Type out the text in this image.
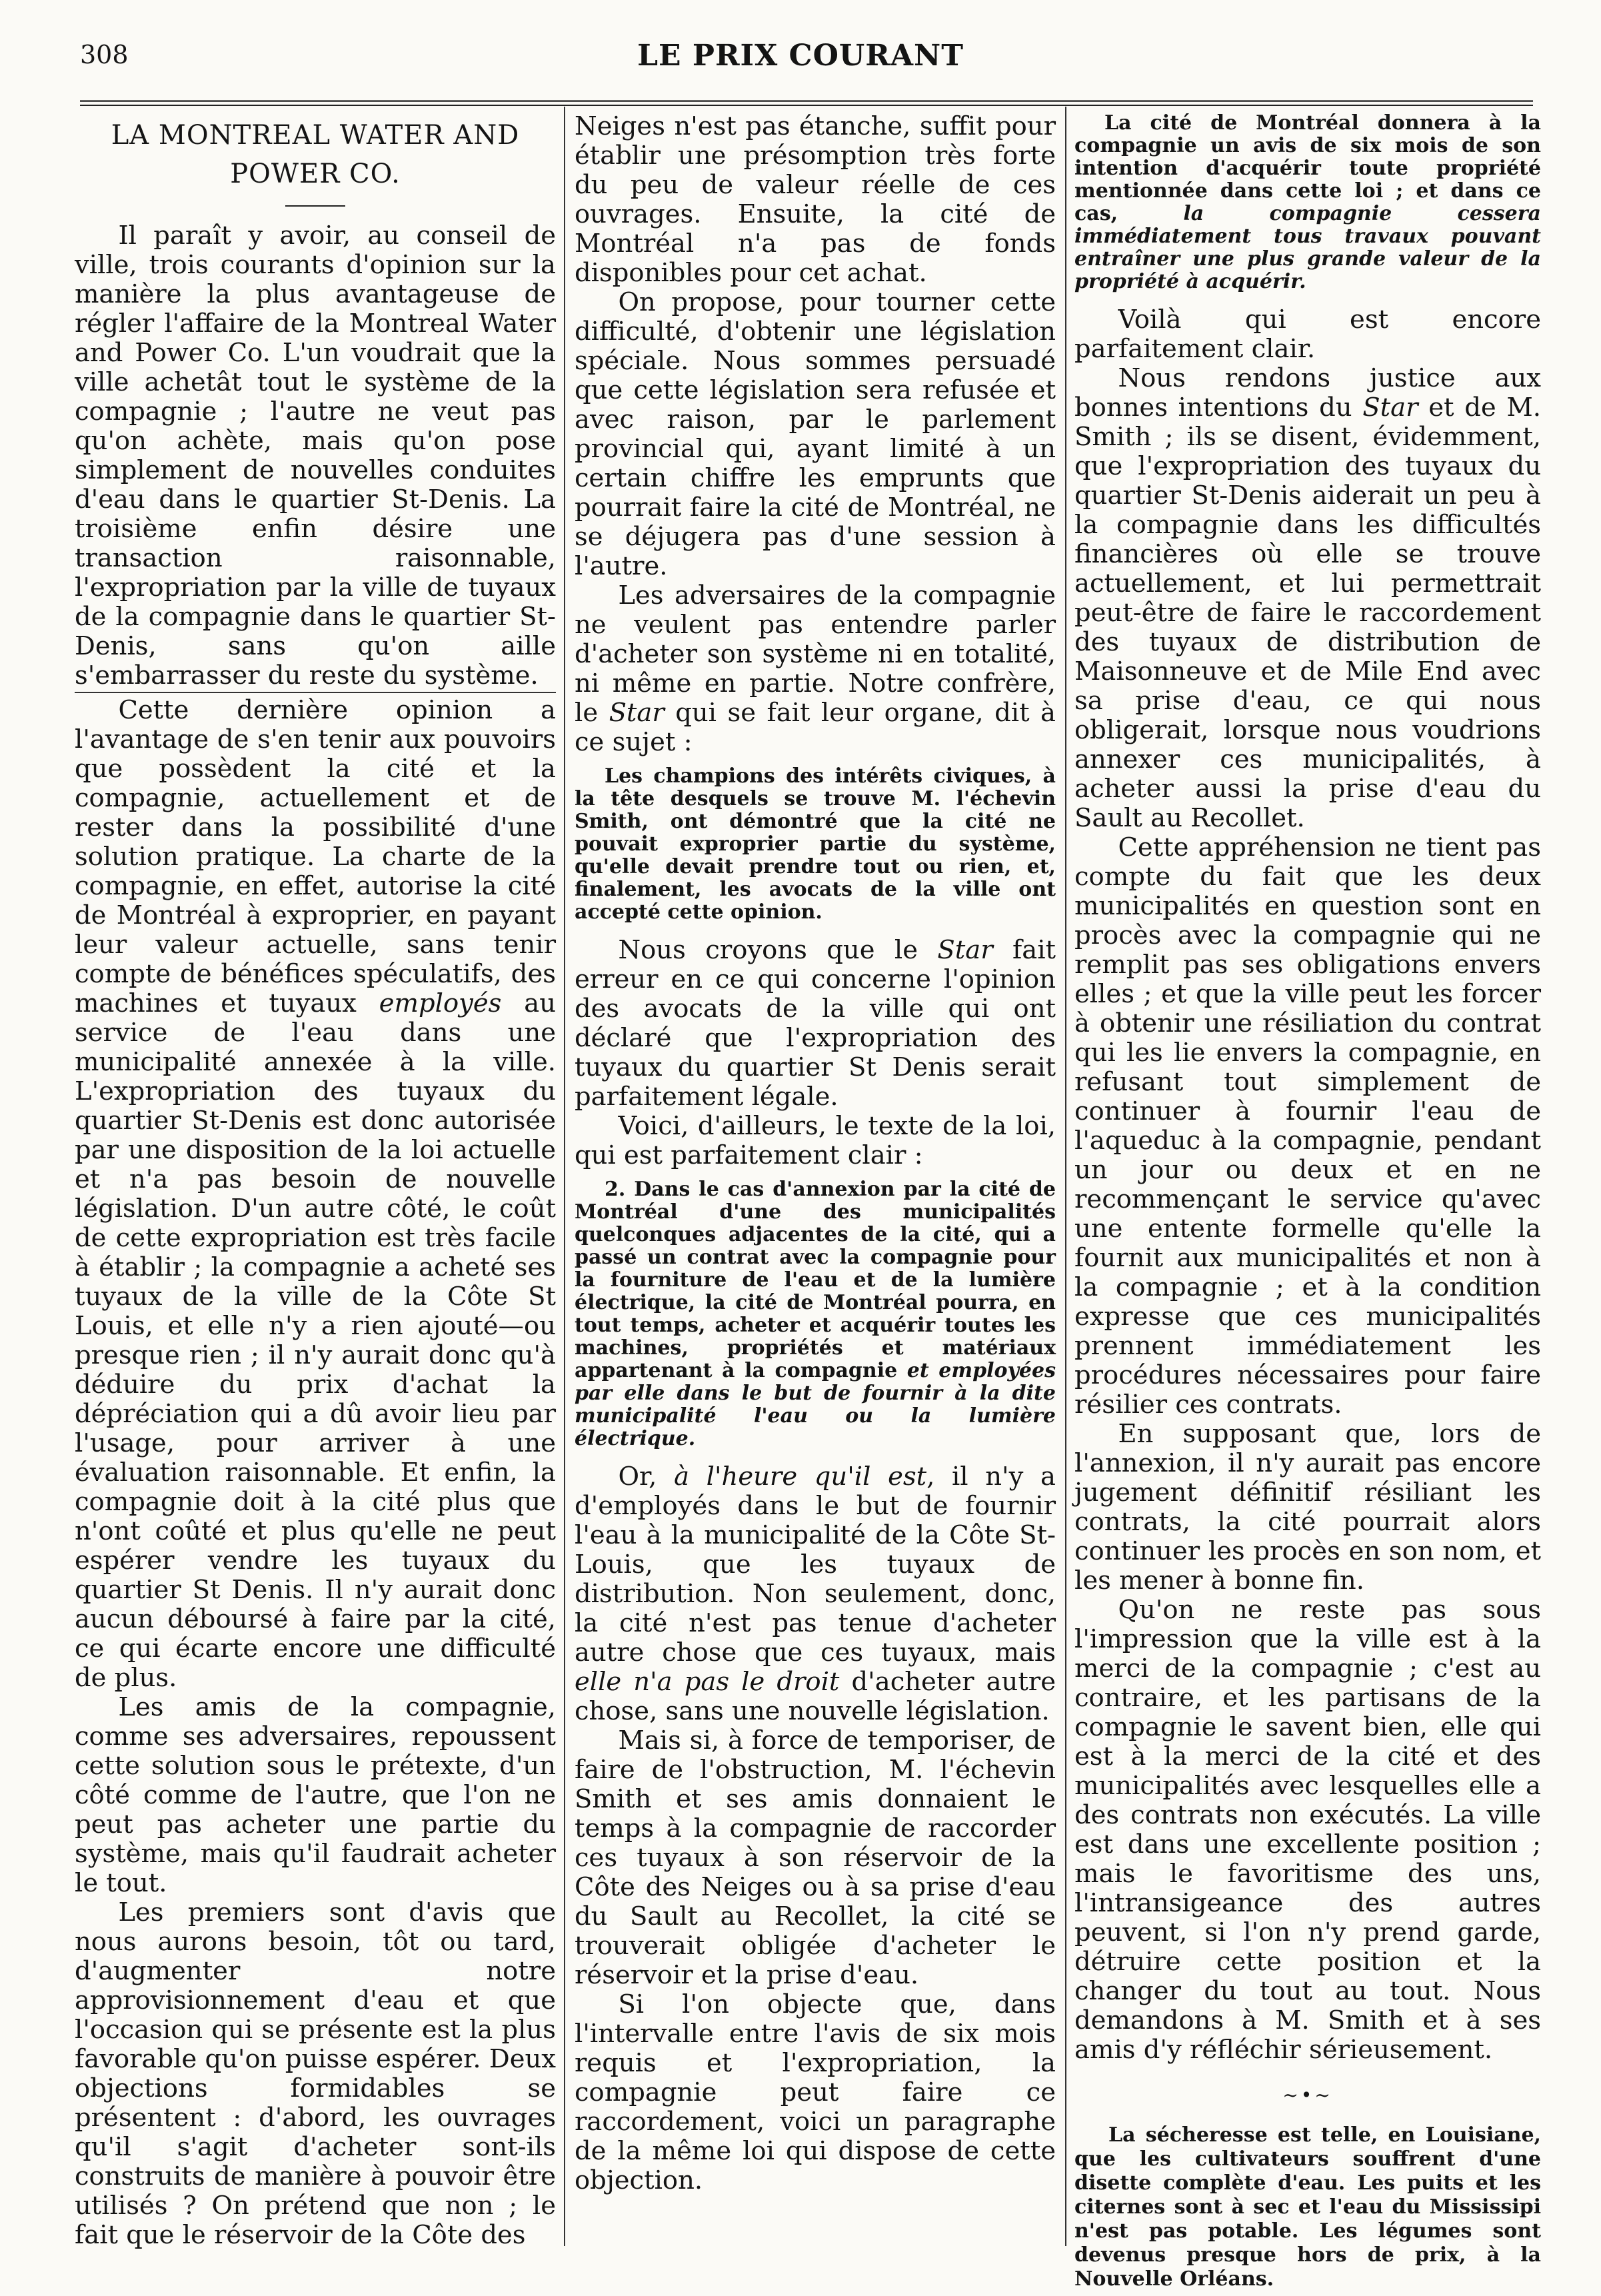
308	LE PRIX COURANT
LA MONTREAL WATER AND
POWER CO.

Il paraît y avoir, au conseil de ville, trois courants d'opinion sur la manière la plus avantageuse de régler l'affaire de la Montreal Water and Power Co. L'un voudrait que la ville achetât tout le système de la compagnie ; l'autre ne veut pas qu'on achète, mais qu'on pose simplement de nouvelles conduites d'eau dans le quartier St-Denis. La troisième enfin désire une transaction raisonnable, l'expropriation par la ville de tuyaux de la compagnie dans le quartier St-Denis, sans qu'on aille s'embarrasser du reste du système.

Cette dernière opinion a l'avantage de s'en tenir aux pouvoirs que possèdent la cité et la compagnie, actuellement et de rester dans la possibilité d'une solution pratique. La charte de la compagnie, en effet, autorise la cité de Montréal à exproprier, en payant leur valeur actuelle, sans tenir compte de bénéfices spéculatifs, des machines et tuyaux employés au service de l'eau dans une municipalité annexée à la ville. L'expropriation des tuyaux du quartier St-Denis est donc autorisée par une disposition de la loi actuelle et n'a pas besoin de nouvelle législation. D'un autre côté, le coût de cette expropriation est très facile à établir ; la compagnie a acheté ses tuyaux de la ville de la Côte St Louis, et elle n'y a rien ajouté—ou presque rien ; il n'y aurait donc qu'à déduire du prix d'achat la dépréciation qui a dû avoir lieu par l'usage, pour arriver à une évaluation raisonnable. Et enfin, la compagnie doit à la cité plus que n'ont coûté et plus qu'elle ne peut espérer vendre les tuyaux du quartier St Denis. Il n'y aurait donc aucun déboursé à faire par la cité, ce qui écarte encore une difficulté de plus.

Les amis de la compagnie, comme ses adversaires, repoussent cette solution sous le prétexte, d'un côté comme de l'autre, que l'on ne peut pas acheter une partie du système, mais qu'il faudrait acheter le tout.

Les premiers sont d'avis que nous aurons besoin, tôt ou tard, d'augmenter notre approvisionnement d'eau et que l'occasion qui se présente est la plus favorable qu'on puisse espérer. Deux objections formidables se présentent : d'abord, les ouvrages qu'il s'agit d'acheter sont-ils construits de manière à pouvoir être utilisés ? On prétend que non ; le fait que le réservoir de la Côte des

Neiges n'est pas étanche, suffit pour établir une présomption très forte du peu de valeur réelle de ces ouvrages. Ensuite, la cité de Montréal n'a pas de fonds disponibles pour cet achat.

On propose, pour tourner cette difficulté, d'obtenir une législation spéciale. Nous sommes persuadé que cette législation sera refusée et avec raison, par le parlement provincial qui, ayant limité à un certain chiffre les emprunts que pourrait faire la cité de Montréal, ne se déjugera pas d'une session à l'autre.

Les adversaires de la compagnie ne veulent pas entendre parler d'acheter son système ni en totalité, ni même en partie. Notre confrère, le Star qui se fait leur organe, dit à ce sujet :

Les champions des intérêts civiques, à la tête desquels se trouve M. l'échevin Smith, ont démontré que la cité ne pouvait exproprier partie du système, qu'elle devait prendre tout ou rien, et, finalement, les avocats de la ville ont accepté cette opinion.

Nous croyons que le Star fait erreur en ce qui concerne l'opinion des avocats de la ville qui ont déclaré que l'expropriation des tuyaux du quartier St Denis serait parfaitement légale.

Voici, d'ailleurs, le texte de la loi, qui est parfaitement clair :

2. Dans le cas d'annexion par la cité de Montréal d'une des municipalités quelconques adjacentes de la cité, qui a passé un contrat avec la compagnie pour la fourniture de l'eau et de la lumière électrique, la cité de Montréal pourra, en tout temps, acheter et acquérir toutes les machines, propriétés et matériaux appartenant à la compagnie et employées par elle dans le but de fournir à la dite municipalité l'eau ou la lumière électrique.

Or, à l'heure qu'il est, il n'y a d'employés dans le but de fournir l'eau à la municipalité de la Côte St-Louis, que les tuyaux de distribution. Non seulement, donc, la cité n'est pas tenue d'acheter autre chose que ces tuyaux, mais elle n'a pas le droit d'acheter autre chose, sans une nouvelle législation.

Mais si, à force de temporiser, de faire de l'obstruction, M. l'échevin Smith et ses amis donnaient le temps à la compagnie de raccorder ces tuyaux à son réservoir de la Côte des Neiges ou à sa prise d'eau du Sault au Recollet, la cité se trouverait obligée d'acheter le réservoir et la prise d'eau.

Si l'on objecte que, dans l'intervalle entre l'avis de six mois requis et l'expropriation, la compagnie peut faire ce raccordement, voici un paragraphe de la même loi qui dispose de cette objection.

La cité de Montréal donnera à la compagnie un avis de six mois de son intention d'acquérir toute propriété mentionnée dans cette loi ; et dans ce cas, la compagnie cessera immédiatement tous travaux pouvant entraîner une plus grande valeur de la propriété à acquérir.

Voilà qui est encore parfaitement clair.

Nous rendons justice aux bonnes intentions du Star et de M. Smith ; ils se disent, évidemment, que l'expropriation des tuyaux du quartier St-Denis aiderait un peu à la compagnie dans les difficultés financières où elle se trouve actuellement, et lui permettrait peut-être de faire le raccordement des tuyaux de distribution de Maisonneuve et de Mile End avec sa prise d'eau, ce qui nous obligerait, lorsque nous voudrions annexer ces municipalités, à acheter aussi la prise d'eau du Sault au Recollet.

Cette appréhension ne tient pas compte du fait que les deux municipalités en question sont en procès avec la compagnie qui ne remplit pas ses obligations envers elles ; et que la ville peut les forcer à obtenir une résiliation du contrat qui les lie envers la compagnie, en refusant tout simplement de continuer à fournir l'eau de l'aqueduc à la compagnie, pendant un jour ou deux et en ne recommençant le service qu'avec une entente formelle qu'elle la fournit aux municipalités et non à la compagnie ; et à la condition expresse que ces municipalités prennent immédiatement les procédures nécessaires pour faire résilier ces contrats.

En supposant que, lors de l'annexion, il n'y aurait pas encore jugement définitif résiliant les contrats, la cité pourrait alors continuer les procès en son nom, et les mener à bonne fin.

Qu'on ne reste pas sous l'impression que la ville est à la merci de la compagnie ; c'est au contraire, et les partisans de la compagnie le savent bien, elle qui est à la merci de la cité et des municipalités avec lesquelles elle a des contrats non exécutés. La ville est dans une excellente position ; mais le favoritisme des uns, l'intransigeance des autres peuvent, si l'on n'y prend garde, détruire cette position et la changer du tout au tout. Nous demandons à M. Smith et à ses amis d'y réfléchir sérieusement.

~•~

La sécheresse est telle, en Louisiane, que les cultivateurs souffrent d'une disette complète d'eau. Les puits et les citernes sont à sec et l'eau du Mississipi n'est pas potable. Les légumes sont devenus presque hors de prix, à la Nouvelle Orléans.
